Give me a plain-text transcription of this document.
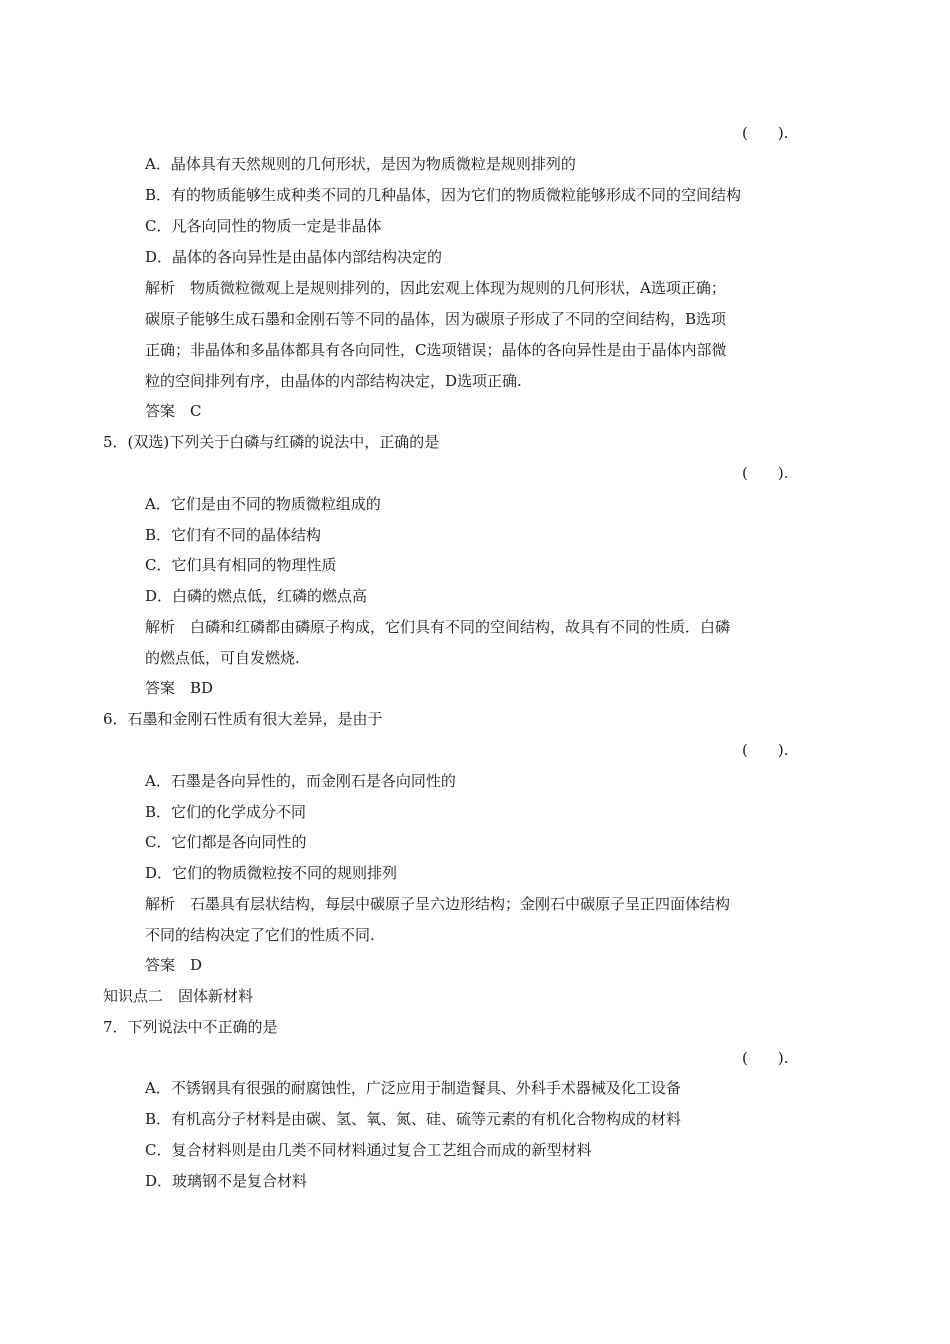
(　　).
A．晶体具有天然规则的几何形状，是因为物质微粒是规则排列的
B．有的物质能够生成种类不同的几种晶体，因为它们的物质微粒能够形成不同的空间结构
C．凡各向同性的物质一定是非晶体
D．晶体的各向异性是由晶体内部结构决定的
解析　物质微粒微观上是规则排列的，因此宏观上体现为规则的几何形状，A选项正确；
碳原子能够生成石墨和金刚石等不同的晶体，因为碳原子形成了不同的空间结构，B选项
正确；非晶体和多晶体都具有各向同性，C选项错误；晶体的各向异性是由于晶体内部微
粒的空间排列有序，由晶体的内部结构决定，D选项正确.
答案　C
5．(双选)下列关于白磷与红磷的说法中，正确的是
(　　).
A．它们是由不同的物质微粒组成的
B．它们有不同的晶体结构
C．它们具有相同的物理性质
D．白磷的燃点低，红磷的燃点高
解析　白磷和红磷都由磷原子构成，它们具有不同的空间结构，故具有不同的性质．白磷
的燃点低，可自发燃烧.
答案　BD
6．石墨和金刚石性质有很大差异，是由于
(　　).
A．石墨是各向异性的，而金刚石是各向同性的
B．它们的化学成分不同
C．它们都是各向同性的
D．它们的物质微粒按不同的规则排列
解析　石墨具有层状结构，每层中碳原子呈六边形结构；金刚石中碳原子呈正四面体结构
不同的结构决定了它们的性质不同.
答案　D
知识点二　固体新材料
7．下列说法中不正确的是
(　　).
A．不锈钢具有很强的耐腐蚀性，广泛应用于制造餐具、外科手术器械及化工设备
B．有机高分子材料是由碳、氢、氧、氮、硅、硫等元素的有机化合物构成的材料
C．复合材料则是由几类不同材料通过复合工艺组合而成的新型材料
D．玻璃钢不是复合材料
